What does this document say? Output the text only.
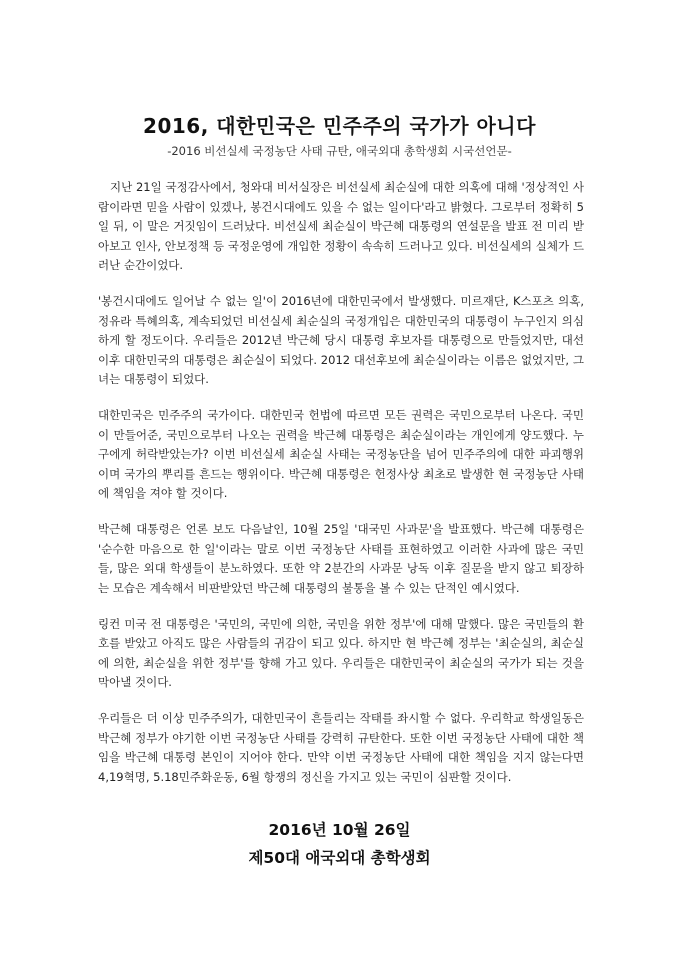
2016, 대한민국은 민주주의 국가가 아니다
-2016 비선실세 국정농단 사태 규탄, 애국외대 총학생회 시국선언문-

지난 21일 국정감사에서, 청와대 비서실장은 비선실세 최순실에 대한 의혹에 대해 '정상적인 사람이라면 믿을 사람이 있겠나, 봉건시대에도 있을 수 없는 일이다'라고 밝혔다. 그로부터 정확히 5일 뒤, 이 말은 거짓임이 드러났다. 비선실세 최순실이 박근혜 대통령의 연설문을 발표 전 미리 받아보고 인사, 안보정책 등 국정운영에 개입한 정황이 속속히 드러나고 있다. 비선실세의 실체가 드러난 순간이었다.

'봉건시대에도 일어날 수 없는 일'이 2016년에 대한민국에서 발생했다. 미르재단, K스포츠 의혹, 정유라 특혜의혹, 계속되었던 비선실세 최순실의 국정개입은 대한민국의 대통령이 누구인지 의심하게 할 정도이다. 우리들은 2012년 박근혜 당시 대통령 후보자를 대통령으로 만들었지만, 대선 이후 대한민국의 대통령은 최순실이 되었다. 2012 대선후보에 최순실이라는 이름은 없었지만, 그녀는 대통령이 되었다.

대한민국은 민주주의 국가이다. 대한민국 헌법에 따르면 모든 권력은 국민으로부터 나온다. 국민이 만들어준, 국민으로부터 나오는 권력을 박근혜 대통령은 최순실이라는 개인에게 양도했다. 누구에게 허락받았는가? 이번 비선실세 최순실 사태는 국정농단을 넘어 민주주의에 대한 파괴행위이며 국가의 뿌리를 흔드는 행위이다. 박근혜 대통령은 헌정사상 최초로 발생한 현 국정농단 사태에 책임을 져야 할 것이다.

박근혜 대통령은 언론 보도 다음날인, 10월 25일 '대국민 사과문'을 발표했다. 박근혜 대통령은 '순수한 마음으로 한 일'이라는 말로 이번 국정농단 사태를 표현하였고 이러한 사과에 많은 국민들, 많은 외대 학생들이 분노하였다. 또한 약 2분간의 사과문 낭독 이후 질문을 받지 않고 퇴장하는 모습은 계속해서 비판받았던 박근혜 대통령의 불통을 볼 수 있는 단적인 예시였다.

링컨 미국 전 대통령은 '국민의, 국민에 의한, 국민을 위한 정부'에 대해 말했다. 많은 국민들의 환호를 받았고 아직도 많은 사람들의 귀감이 되고 있다. 하지만 현 박근혜 정부는 '최순실의, 최순실에 의한, 최순실을 위한 정부'를 향해 가고 있다. 우리들은 대한민국이 최순실의 국가가 되는 것을 막아낼 것이다.

우리들은 더 이상 민주주의가, 대한민국이 흔들리는 작태를 좌시할 수 없다. 우리학교 학생일동은 박근혜 정부가 야기한 이번 국정농단 사태를 강력히 규탄한다. 또한 이번 국정농단 사태에 대한 책임을 박근혜 대통령 본인이 지어야 한다. 만약 이번 국정농단 사태에 대한 책임을 지지 않는다면 4,19혁명, 5.18민주화운동, 6월 항쟁의 정신을 가지고 있는 국민이 심판할 것이다.

2016년 10월 26일
제50대 애국외대 총학생회
